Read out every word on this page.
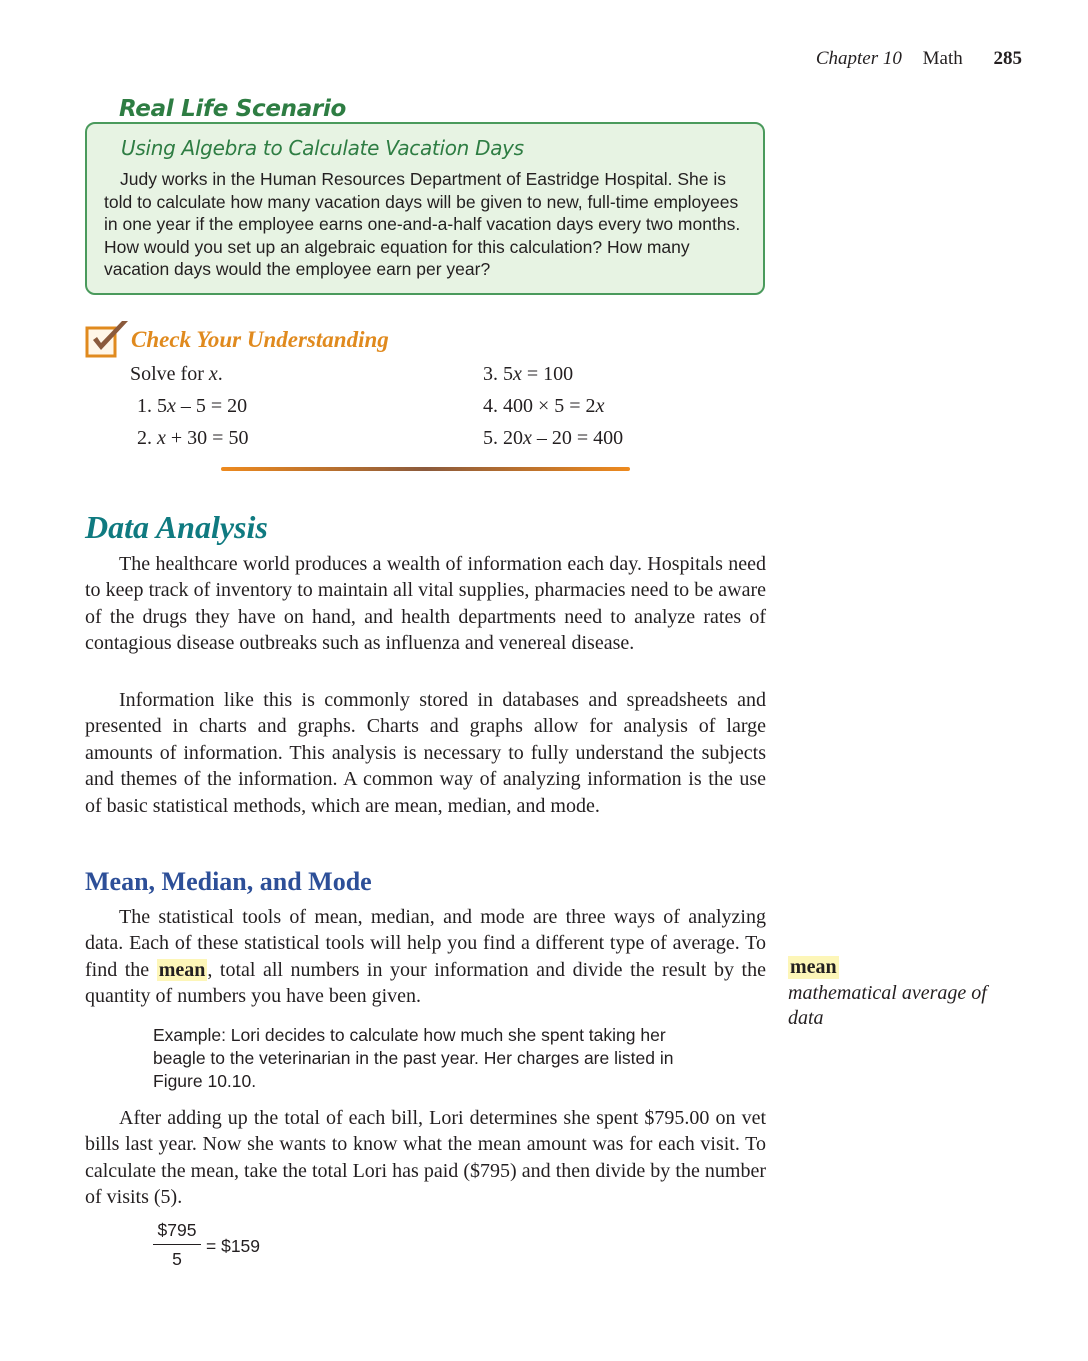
Chapter 10 Math 285
Real Life Scenario
Using Algebra to Calculate Vacation Days

Judy works in the Human Resources Department of Eastridge Hospital. She is told to calculate how many vacation days will be given to new, full-time employees in one year if the employee earns one-and-a-half vacation days every two months. How would you set up an algebraic equation for this calculation? How many vacation days would the employee earn per year?

Check Your Understanding
Solve for x.
1. 5x – 5 = 20
2. x + 30 = 50
3. 5x = 100
4. 400 × 5 = 2x
5. 20x – 20 = 400
Data Analysis

The healthcare world produces a wealth of information each day. Hospitals need to keep track of inventory to maintain all vital supplies, pharmacies need to be aware of the drugs they have on hand, and health departments need to analyze rates of contagious disease outbreaks such as influenza and venereal disease.

Information like this is commonly stored in databases and spreadsheets and presented in charts and graphs. Charts and graphs allow for analysis of large amounts of information. This analysis is necessary to fully understand the subjects and themes of the information. A common way of analyzing information is the use of basic statistical methods, which are mean, median, and mode.

Mean, Median, and Mode

The statistical tools of mean, median, and mode are three ways of analyzing data. Each of these statistical tools will help you find a different type of average. To find the mean , total all numbers in your information and divide the result by the quantity of numbers you have been given.

Example: Lori decides to calculate how much she spent taking her beagle to the veterinarian in the past year. Her charges are listed in Figure 10.10.

After adding up the total of each bill, Lori determines she spent $795.00 on vet bills last year. Now she wants to know what the mean amount was for each visit. To calculate the mean, take the total Lori has paid ($795) and then divide by the number of visits (5).

$\frac{\$795}{5}$ = $159
mean

mathematical average of data
